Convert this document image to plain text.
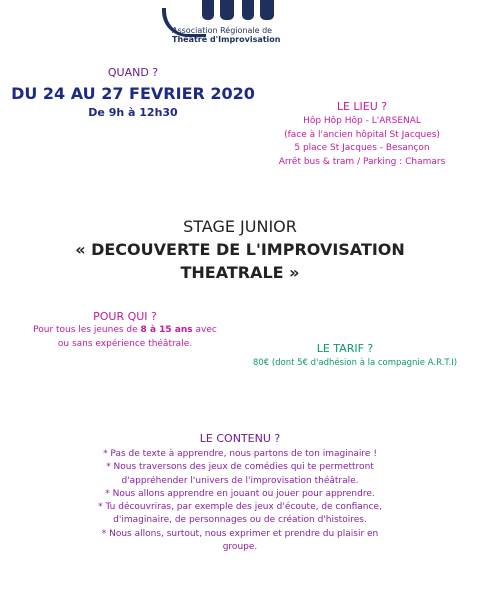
Association Régionale de
Théâtre d'Improvisation
QUAND ?
DU 24 AU 27 FEVRIER 2020
De 9h à 12h30	LE LIEU ?
Hôp Hôp Hôp - L'ARSENAL
(face à l'ancien hôpital St Jacques)
5 place St Jacques - Besançon
Arrêt bus & tram / Parking : Chamars
STAGE JUNIOR
« DECOUVERTE DE L'IMPROVISATION
THEATRALE »
POUR QUI ?
Pour tous les jeunes de 8 à 15 ans avec
ou sans expérience théâtrale.	LE TARIF ?
80€ (dont 5€ d'adhésion à la compagnie A.R.T.I)
LE CONTENU ?
* Pas de texte à apprendre, nous partons de ton imaginaire !
* Nous traversons des jeux de comédies qui te permettront
d'appréhender l'univers de l'improvisation théâtrale.
* Nous allons apprendre en jouant ou jouer pour apprendre.
* Tu découvriras, par exemple des jeux d'écoute, de confiance,
d'imaginaire, de personnages ou de création d'histoires.
* Nous allons, surtout, nous exprimer et prendre du plaisir en
groupe.
